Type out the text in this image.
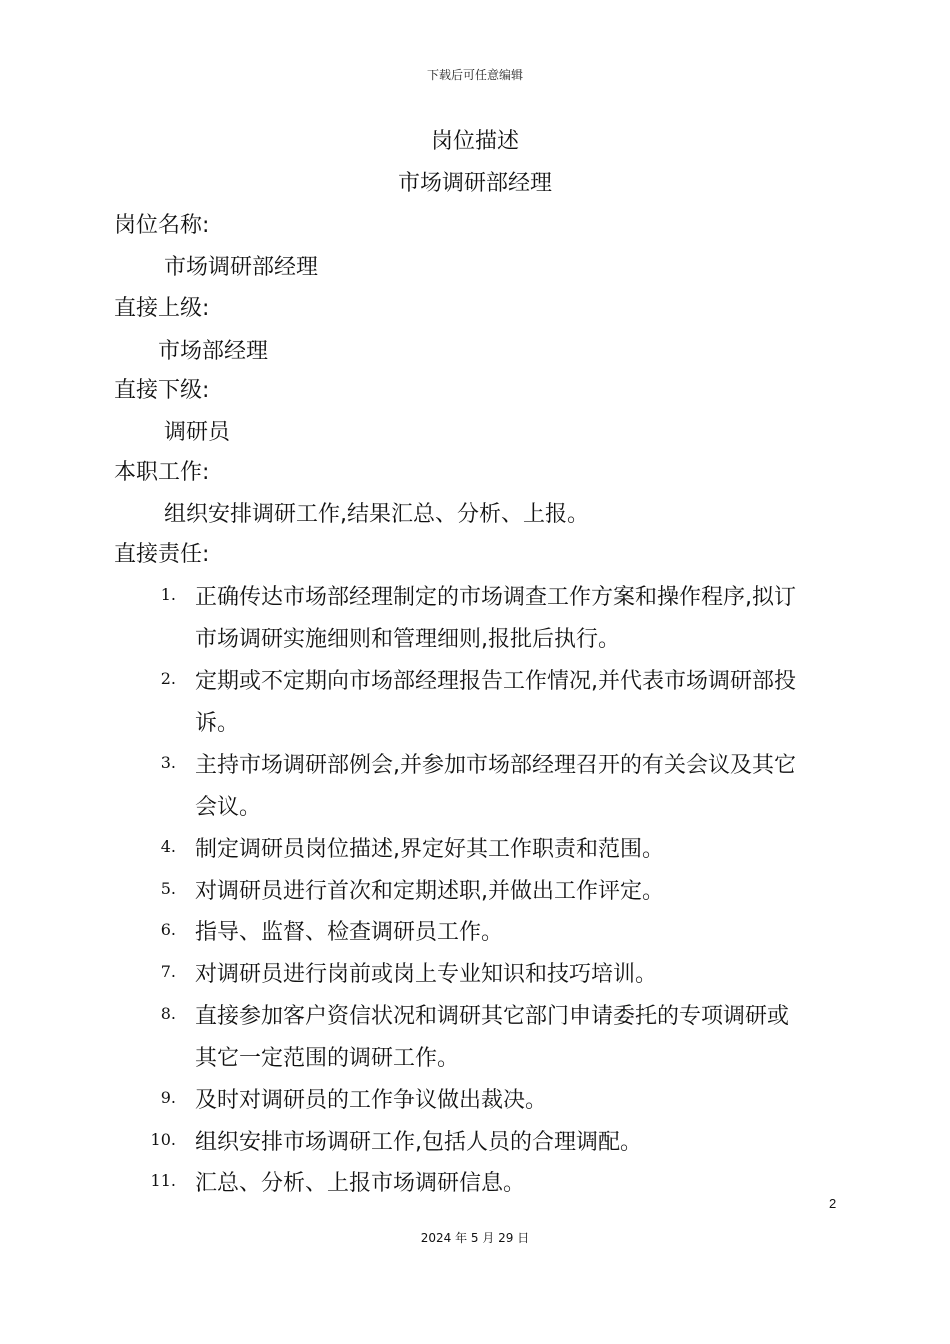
下载后可任意编辑
岗位描述
市场调研部经理
岗位名称:
市场调研部经理
直接上级:
市场部经理
直接下级:
调研员
本职工作:
组织安排调研工作,结果汇总、分析、上报。
直接责任:
1. 正确传达市场部经理制定的市场调查工作方案和操作程序,拟订
市场调研实施细则和管理细则,报批后执行。
2. 定期或不定期向市场部经理报告工作情况,并代表市场调研部投
诉。
3. 主持市场调研部例会,并参加市场部经理召开的有关会议及其它
会议。
4. 制定调研员岗位描述,界定好其工作职责和范围。
5. 对调研员进行首次和定期述职,并做出工作评定。
6. 指导、监督、检查调研员工作。
7. 对调研员进行岗前或岗上专业知识和技巧培训。
8. 直接参加客户资信状况和调研其它部门申请委托的专项调研或
其它一定范围的调研工作。
9. 及时对调研员的工作争议做出裁决。
10. 组织安排市场调研工作,包括人员的合理调配。
11. 汇总、分析、上报市场调研信息。
2
2024 年 5 月 29 日
